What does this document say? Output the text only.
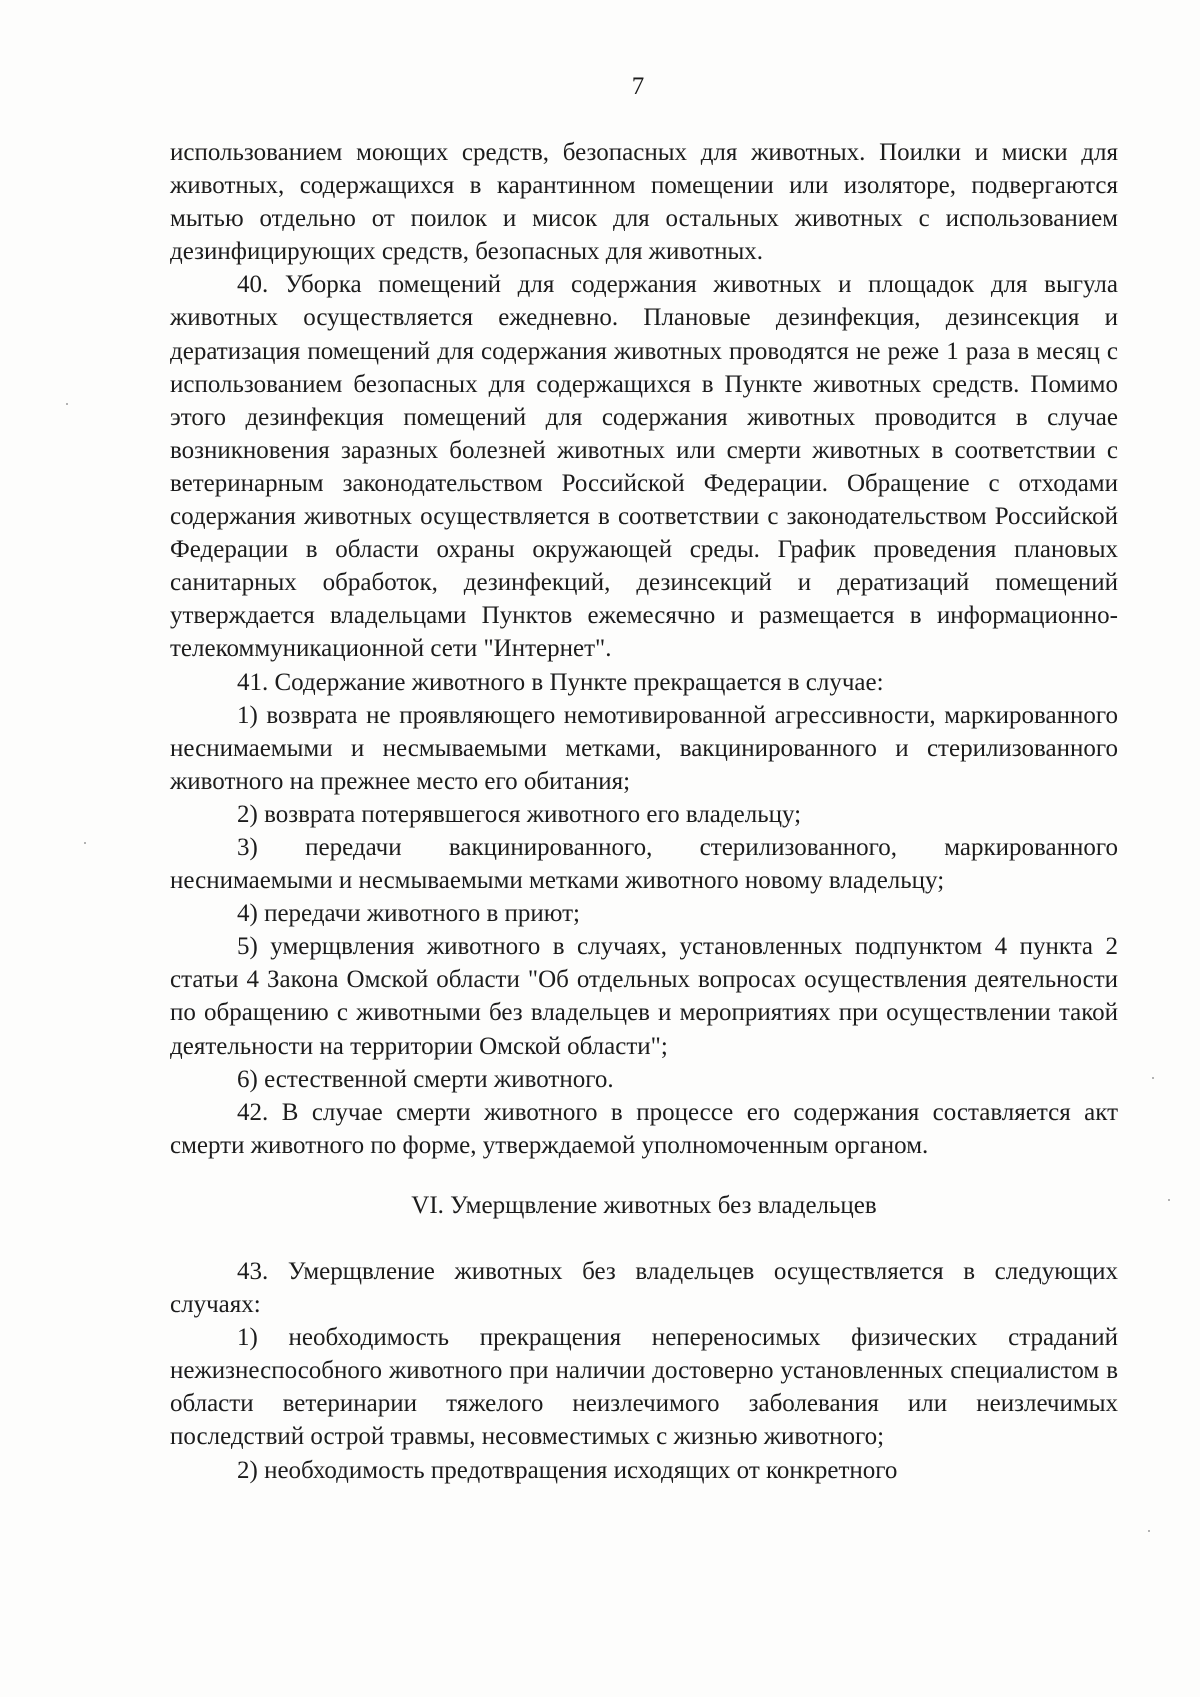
7

использованием моющих средств, безопасных для животных. Поилки и миски для животных, содержащихся в карантинном помещении или изоляторе, подвергаются мытью отдельно от поилок и мисок для остальных животных с использованием дезинфицирующих средств, безопасных для животных.

40. Уборка помещений для содержания животных и площадок для выгула животных осуществляется ежедневно. Плановые дезинфекция, дезинсекция и дератизация помещений для содержания животных проводятся не реже 1 раза в месяц с использованием безопасных для содержащихся в Пункте животных средств. Помимо этого дезинфекция помещений для содержания животных проводится в случае возникновения заразных болезней животных или смерти животных в соответствии с ветеринарным законодательством Российской Федерации. Обращение с отходами содержания животных осуществляется в соответствии с законодательством Российской Федерации в области охраны окружающей среды. График проведения плановых санитарных обработок, дезинфекций, дезинсекций и дератизаций помещений утверждается владельцами Пунктов ежемесячно и размещается в информационно-телекоммуникационной сети "Интернет".

41. Содержание животного в Пункте прекращается в случае:

1) возврата не проявляющего немотивированной агрессивности, маркированного неснимаемыми и несмываемыми метками, вакцинированного и стерилизованного животного на прежнее место его обитания;

2) возврата потерявшегося животного его владельцу;

3) передачи вакцинированного, стерилизованного, маркированного неснимаемыми и несмываемыми метками животного новому владельцу;

4) передачи животного в приют;

5) умерщвления животного в случаях, установленных подпунктом 4 пункта 2 статьи 4 Закона Омской области "Об отдельных вопросах осуществления деятельности по обращению с животными без владельцев и мероприятиях при осуществлении такой деятельности на территории Омской области";

6) естественной смерти животного.

42. В случае смерти животного в процессе его содержания составляется акт смерти животного по форме, утверждаемой уполномоченным органом.

VI. Умерщвление животных без владельцев

43. Умерщвление животных без владельцев осуществляется в следующих случаях:

1) необходимость прекращения непереносимых физических страданий нежизнеспособного животного при наличии достоверно установленных специалистом в области ветеринарии тяжелого неизлечимого заболевания или неизлечимых последствий острой травмы, несовместимых с жизнью животного;

2) необходимость предотвращения исходящих от конкретного
